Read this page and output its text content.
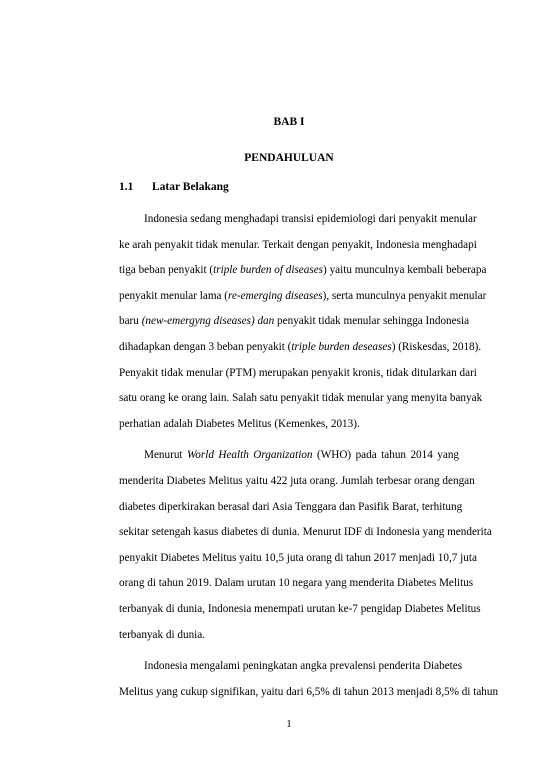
BAB I
PENDAHULUAN
1.1 Latar Belakang

Indonesia sedang menghadapi transisi epidemiologi dari penyakit menular
ke arah penyakit tidak menular. Terkait dengan penyakit, Indonesia menghadapi
tiga beban penyakit (triple burden of diseases) yaitu munculnya kembali beberapa
penyakit menular lama (re-emerging diseases), serta munculnya penyakit menular
baru (new-emergyng diseases) dan penyakit tidak menular sehingga Indonesia
dihadapkan dengan 3 beban penyakit (triple burden deseases) (Riskesdas, 2018).
Penyakit tidak menular (PTM) merupakan penyakit kronis, tidak ditularkan dari
satu orang ke orang lain. Salah satu penyakit tidak menular yang menyita banyak
perhatian adalah Diabetes Melitus (Kemenkes, 2013).

Menurut World Health Organization (WHO) pada tahun 2014 yang
menderita Diabetes Melitus yaitu 422 juta orang. Jumlah terbesar orang dengan
diabetes diperkirakan berasal dari Asia Tenggara dan Pasifik Barat, terhitung
sekitar setengah kasus diabetes di dunia. Menurut IDF di Indonesia yang menderita
penyakit Diabetes Melitus yaitu 10,5 juta orang di tahun 2017 menjadi 10,7 juta
orang di tahun 2019. Dalam urutan 10 negara yang menderita Diabetes Melitus
terbanyak di dunia, Indonesia menempati urutan ke-7 pengidap Diabetes Melitus
terbanyak di dunia.

Indonesia mengalami peningkatan angka prevalensi penderita Diabetes
Melitus yang cukup signifikan, yaitu dari 6,5% di tahun 2013 menjadi 8,5% di tahun

1
